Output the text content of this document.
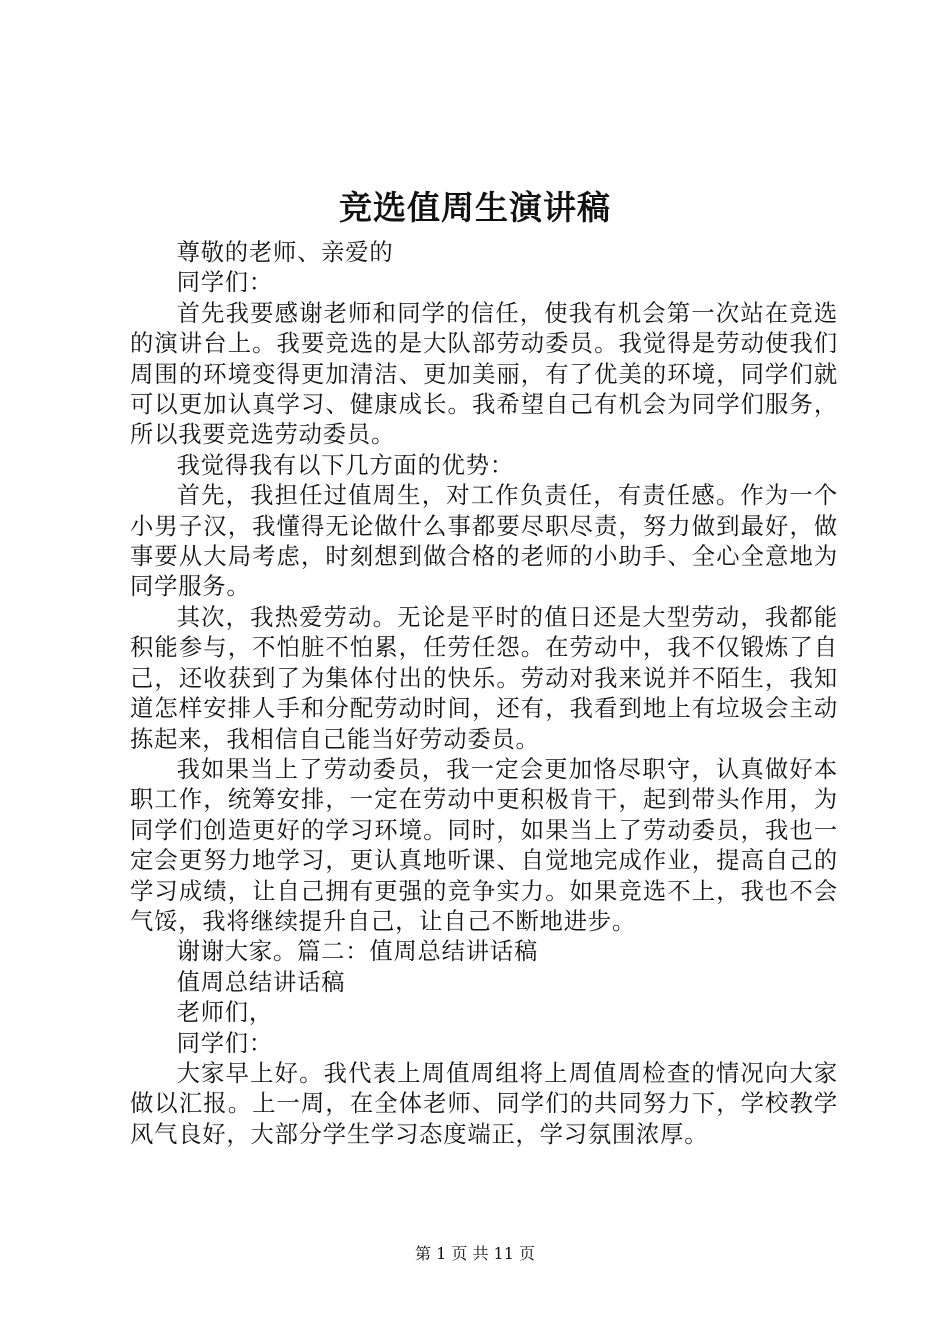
竞选值周生演讲稿

尊敬的老师、亲爱的

同学们：

首先我要感谢老师和同学的信任，使我有机会第一次站在竞选的演讲台上。我要竞选的是大队部劳动委员。我觉得是劳动使我们周围的环境变得更加清洁、更加美丽，有了优美的环境，同学们就可以更加认真学习、健康成长。我希望自己有机会为同学们服务，所以我要竞选劳动委员。

我觉得我有以下几方面的优势：

首先，我担任过值周生，对工作负责任，有责任感。作为一个小男子汉，我懂得无论做什么事都要尽职尽责，努力做到最好，做事要从大局考虑，时刻想到做合格的老师的小助手、全心全意地为同学服务。

其次，我热爱劳动。无论是平时的值日还是大型劳动，我都能积能参与，不怕脏不怕累，任劳任怨。在劳动中，我不仅锻炼了自己，还收获到了为集体付出的快乐。劳动对我来说并不陌生，我知道怎样安排人手和分配劳动时间，还有，我看到地上有垃圾会主动拣起来，我相信自己能当好劳动委员。

我如果当上了劳动委员，我一定会更加恪尽职守，认真做好本职工作，统筹安排，一定在劳动中更积极肯干，起到带头作用，为同学们创造更好的学习环境。同时，如果当上了劳动委员，我也一定会更努力地学习，更认真地听课、自觉地完成作业，提高自己的学习成绩，让自己拥有更强的竞争实力。如果竞选不上，我也不会气馁，我将继续提升自己，让自己不断地进步。

谢谢大家。篇二：值周总结讲话稿

值周总结讲话稿

老师们，

同学们：

大家早上好。我代表上周值周组将上周值周检查的情况向大家做以汇报。上一周，在全体老师、同学们的共同努力下，学校教学风气良好，大部分学生学习态度端正，学习氛围浓厚。

第 1 页 共 11 页
